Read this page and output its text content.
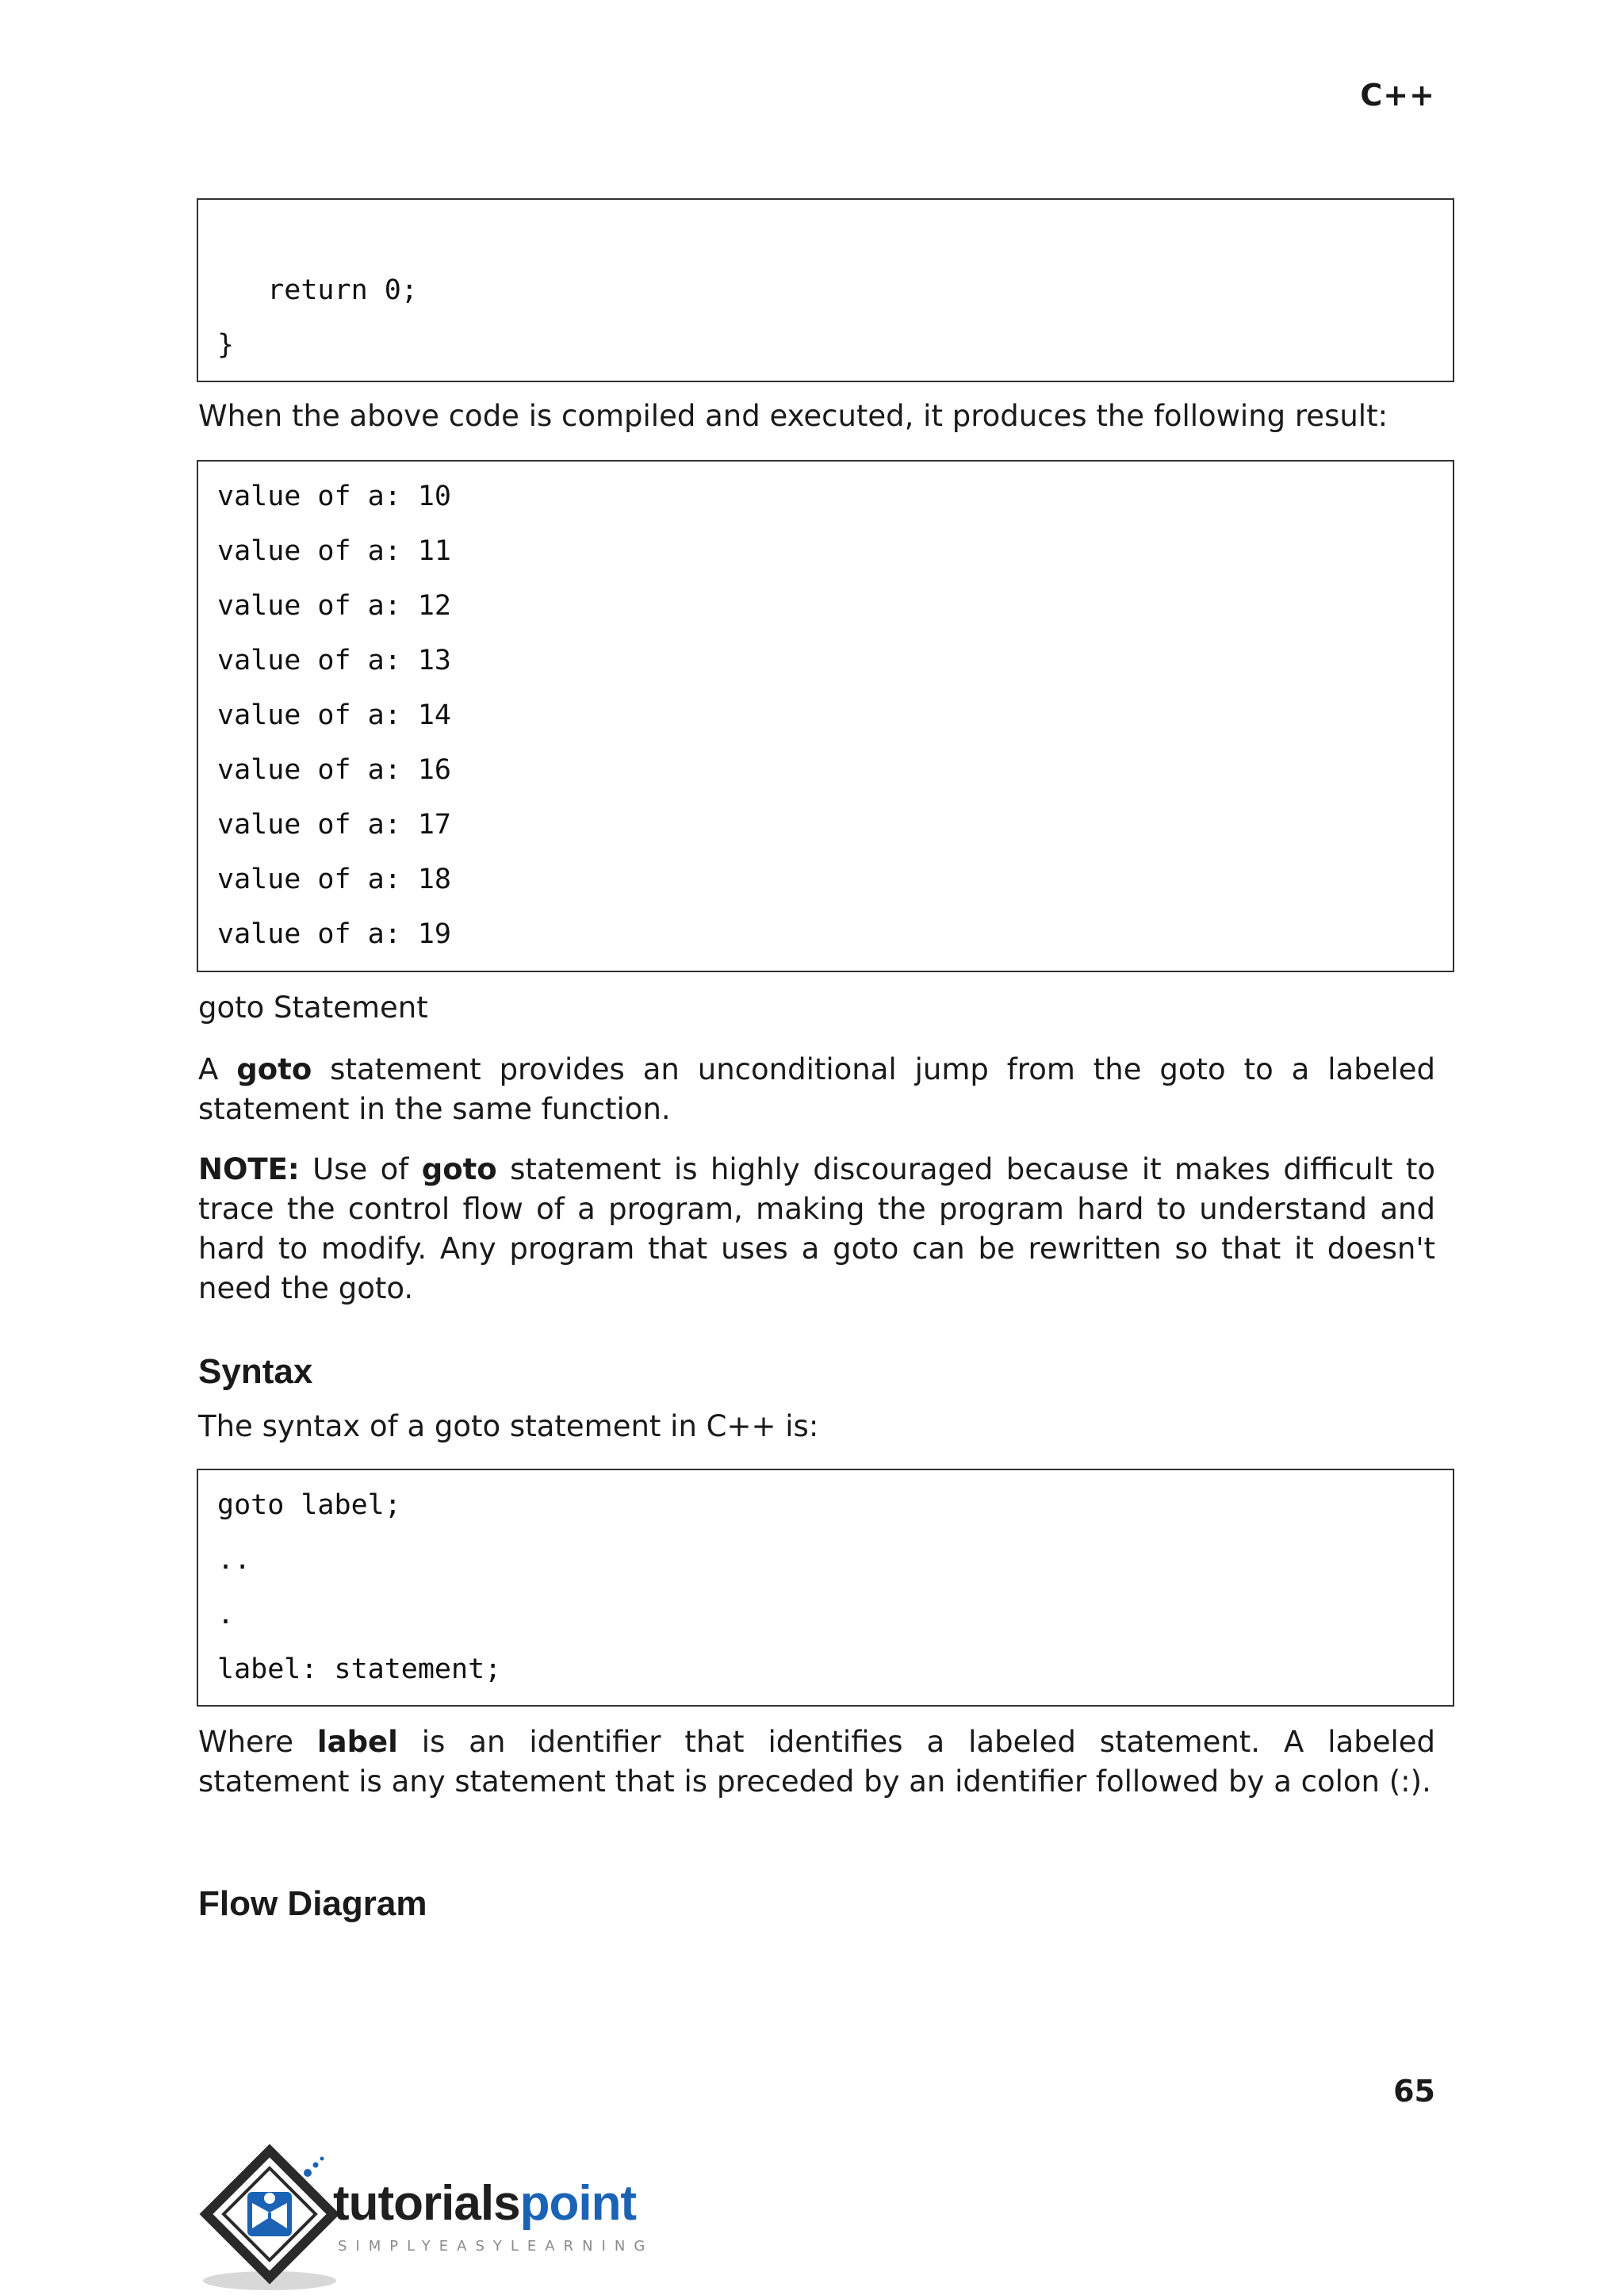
C++
return 0;
}
When the above code is compiled and executed, it produces the following result:
value of a: 10
value of a: 11
value of a: 12
value of a: 13
value of a: 14
value of a: 16
value of a: 17
value of a: 18
value of a: 19
goto Statement
A goto statement provides an unconditional jump from the goto to a labeled statement in the same function.
NOTE: Use of goto statement is highly discouraged because it makes difficult to trace the control flow of a program, making the program hard to understand and hard to modify. Any program that uses a goto can be rewritten so that it doesn't need the goto.
Syntax
The syntax of a goto statement in C++ is:
goto label;
..
.
label: statement;
Where label is an identifier that identifies a labeled statement. A labeled statement is any statement that is preceded by an identifier followed by a colon (:).
Flow Diagram
65
tutorialspoint
SIMPLYEASYLEARNING
